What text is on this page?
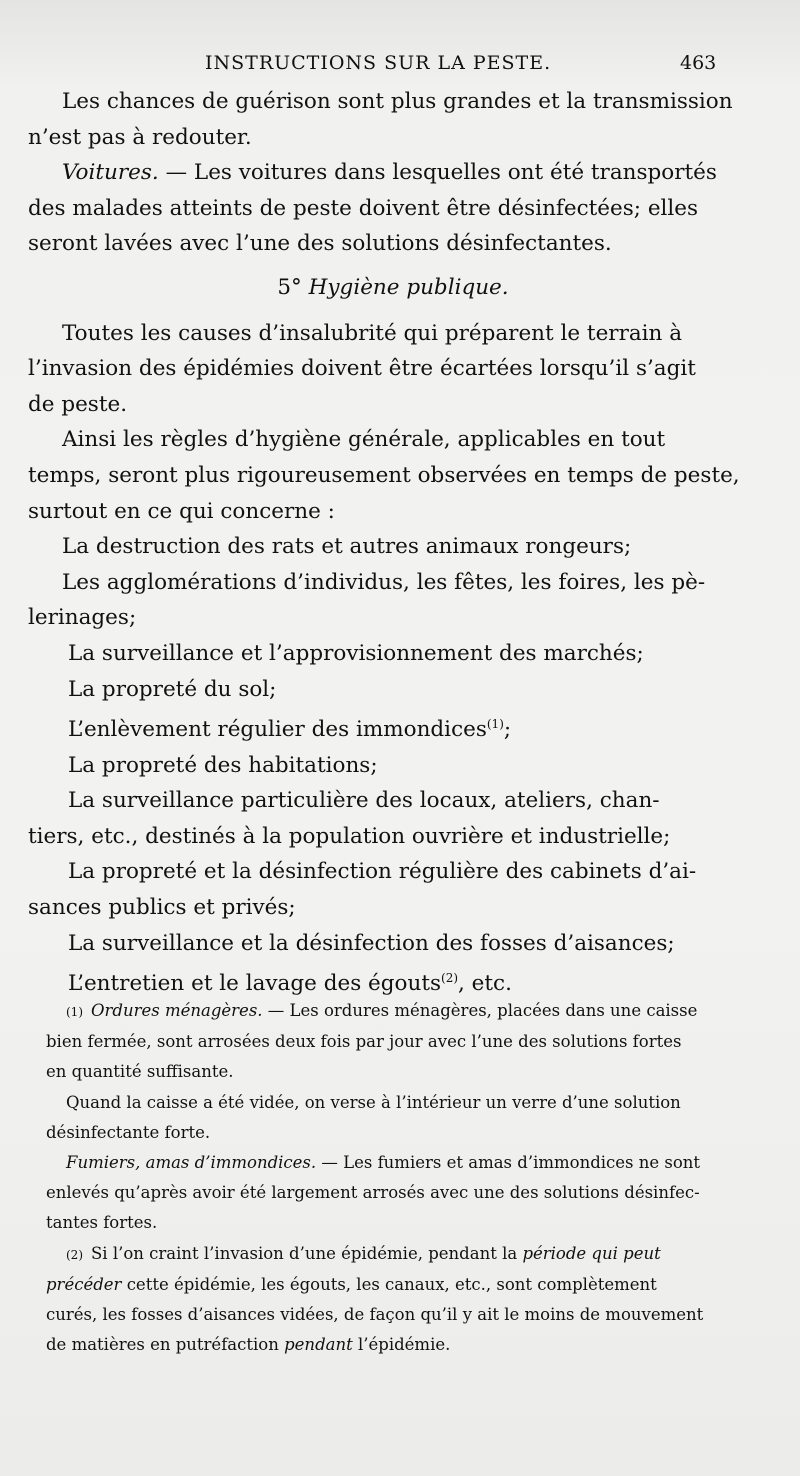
INSTRUCTIONS SUR LA PESTE.	463

Les chances de guérison sont plus grandes et la transmission

n’est pas à redouter.

Voitures. — Les voitures dans lesquelles ont été transportés

des malades atteints de peste doivent être désinfectées; elles

seront lavées avec l’une des solutions désinfectantes.

5° Hygiène publique.

Toutes les causes d’insalubrité qui préparent le terrain à

l’invasion des épidémies doivent être écartées lorsqu’il s’agit

de peste.

Ainsi les règles d’hygiène générale, applicables en tout

temps, seront plus rigoureusement observées en temps de peste,

surtout en ce qui concerne :

La destruction des rats et autres animaux rongeurs;

Les agglomérations d’individus, les fêtes, les foires, les pè-

lerinages;

La surveillance et l’approvisionnement des marchés;

La propreté du sol;

L’enlèvement régulier des immondices$^{(1)}$;

La propreté des habitations;

La surveillance particulière des locaux, ateliers, chan-

tiers, etc., destinés à la population ouvrière et industrielle;

La propreté et la désinfection régulière des cabinets d’ai-

sances publics et privés;

La surveillance et la désinfection des fosses d’aisances;

L’entretien et le lavage des égouts$^{(2)}$, etc.

(1) Ordures ménagères. — Les ordures ménagères, placées dans une caisse

bien fermée, sont arrosées deux fois par jour avec l’une des solutions fortes

en quantité suffisante.

Quand la caisse a été vidée, on verse à l’intérieur un verre d’une solution

désinfectante forte.

Fumiers, amas d’immondices. — Les fumiers et amas d’immondices ne sont

enlevés qu’après avoir été largement arrosés avec une des solutions désinfec-

tantes fortes.

(2) Si l’on craint l’invasion d’une épidémie, pendant la période qui peut

précéder cette épidémie, les égouts, les canaux, etc., sont complètement

curés, les fosses d’aisances vidées, de façon qu’il y ait le moins de mouvement

de matières en putréfaction pendant l’épidémie.
